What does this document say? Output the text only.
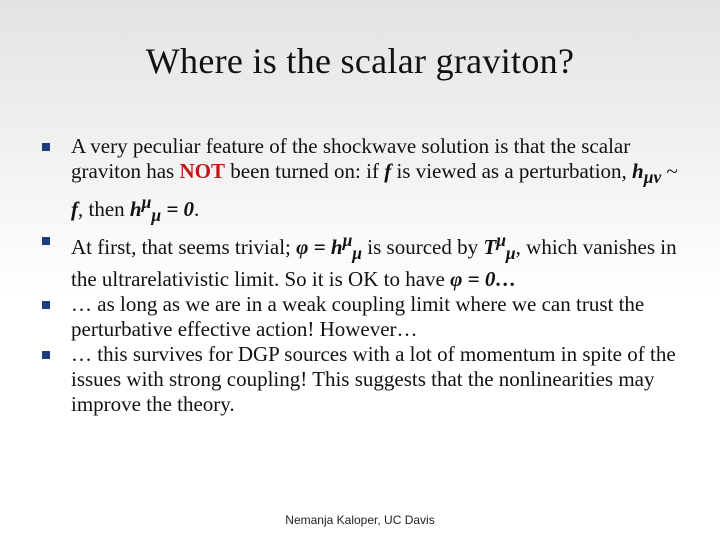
Where is the scalar graviton?
A very peculiar feature of the shockwave solution is that the scalar graviton has NOT been turned on: if f is viewed as a perturbation, $h_{\mu\nu}$ ~ f, then $h^\mu_\mu = 0$.
At first, that seems trivial; $\varphi = h^\mu_\mu$ is sourced by $T^\mu_\mu$, which vanishes in the ultrarelativistic limit. So it is OK to have φ = 0…
… as long as we are in a weak coupling limit where we can trust the perturbative effective action! However…
… this survives for DGP sources with a lot of momentum in spite of the issues with strong coupling! This suggests that the nonlinearities may improve the theory.
Nemanja Kaloper, UC Davis
